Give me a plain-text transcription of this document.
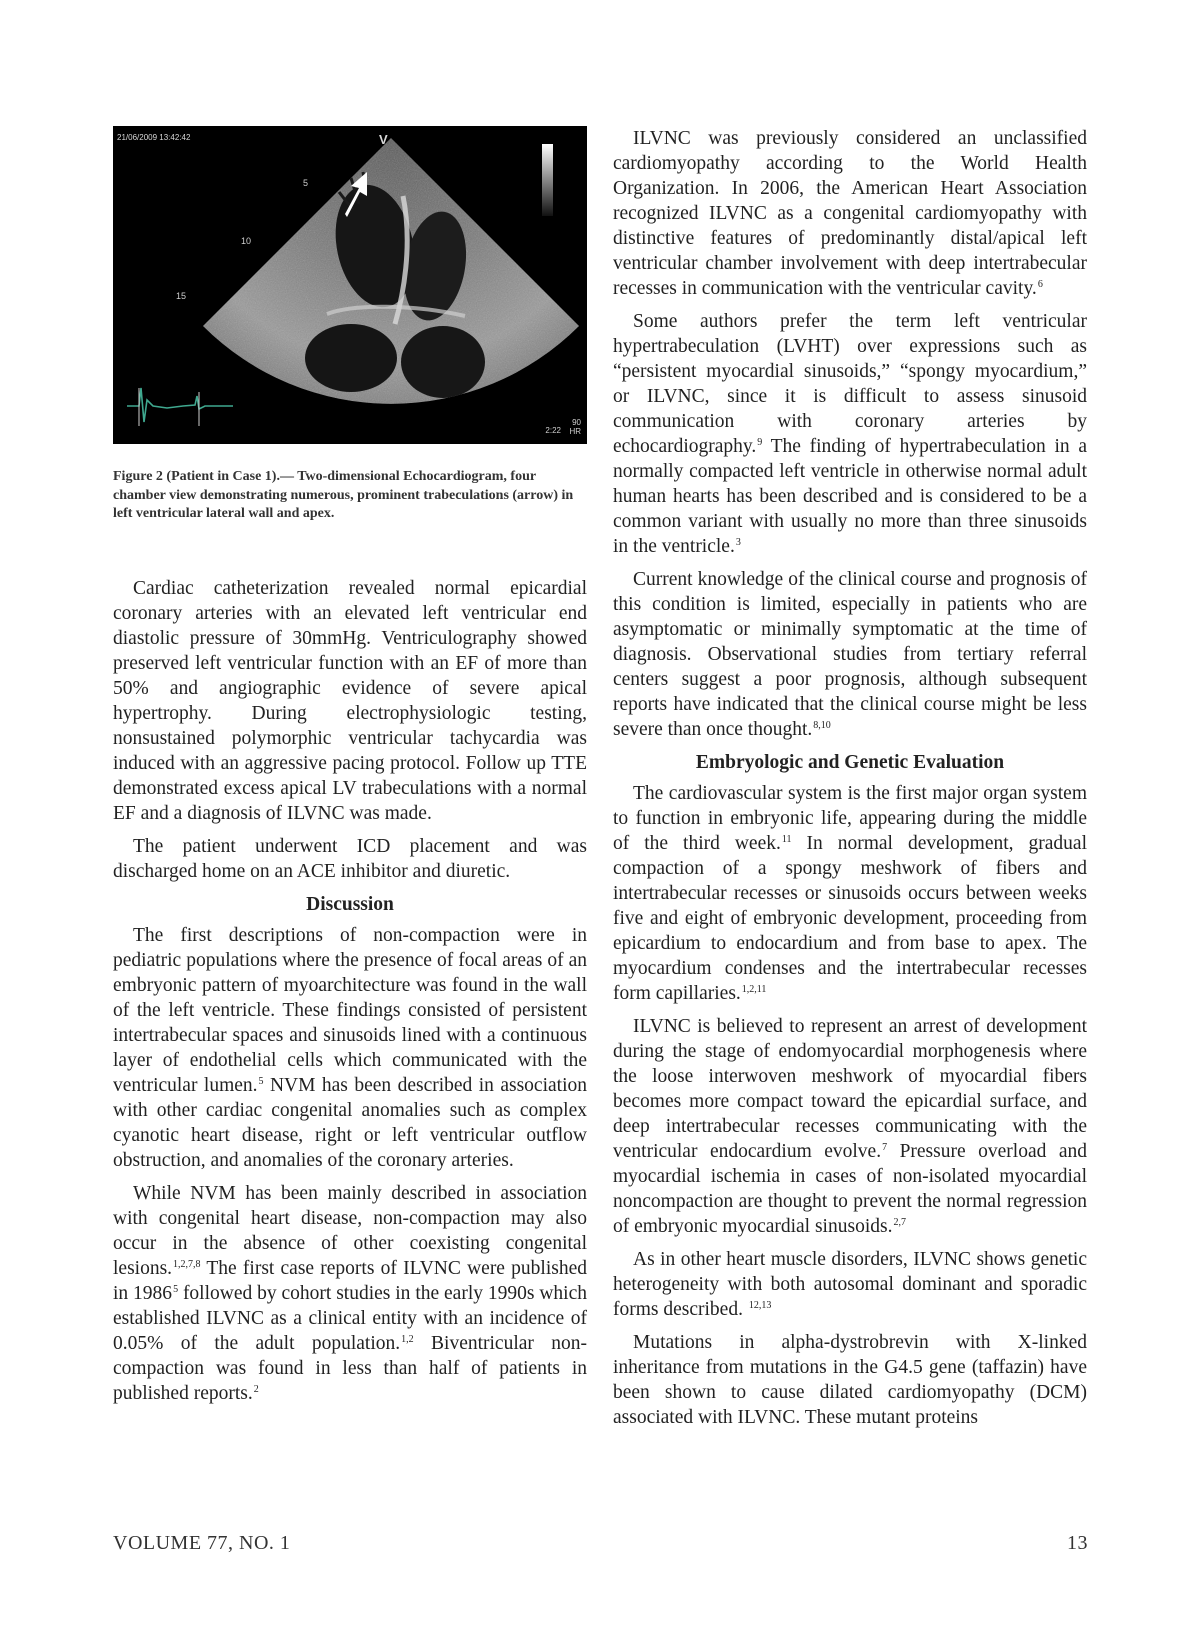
V
21/06/2009 13:42:42
5
10
15
2:22
90
HR
Figure 2 (Patient in Case 1).— Two-dimensional Echocardiogram, four chamber view demonstrating numerous, prominent trabeculations (arrow) in left ventricular lateral wall and apex.

Cardiac catheterization revealed normal epicardial coronary arteries with an elevated left ventricular end diastolic pressure of 30mmHg. Ventriculography showed preserved left ventricular function with an EF of more than 50% and angiographic evidence of severe apical hypertrophy. During electrophysiologic testing, nonsustained polymorphic ventricular tachycardia was induced with an aggressive pacing protocol. Follow up TTE demonstrated excess apical LV trabeculations with a normal EF and a diagnosis of ILVNC was made.

The patient underwent ICD placement and was discharged home on an ACE inhibitor and diuretic.

Discussion

The first descriptions of non-compaction were in pediatric populations where the presence of focal areas of an embryonic pattern of myoarchitecture was found in the wall of the left ventricle. These findings consisted of persistent intertrabecular spaces and sinusoids lined with a continuous layer of endothelial cells which communicated with the ventricular lumen.$^5$ NVM has been described in association with other cardiac congenital anomalies such as complex cyanotic heart disease, right or left ventricular outflow obstruction, and anomalies of the coronary arteries.

While NVM has been mainly described in association with congenital heart disease, non-compaction may also occur in the absence of other coexisting congenital lesions.$^{1,2,7,8}$ The first case reports of ILVNC were published in 1986$^5$ followed by cohort studies in the early 1990s which established ILVNC as a clinical entity with an incidence of 0.05% of the adult population.$^{1,2}$ Biventricular non-compaction was found in less than half of patients in published reports.$^2$

ILVNC was previously considered an unclassified cardiomyopathy according to the World Health Organization. In 2006, the American Heart Association recognized ILVNC as a congenital cardiomyopathy with distinctive features of predominantly distal/apical left ventricular chamber involvement with deep intertrabecular recesses in communication with the ventricular cavity.$^6$

Some authors prefer the term left ventricular hypertrabeculation (LVHT) over expressions such as “persistent myocardial sinusoids,” “spongy myocardium,” or ILVNC, since it is difficult to assess sinusoid communication with coronary arteries by echocardiography.$^9$ The finding of hypertrabeculation in a normally compacted left ventricle in otherwise normal adult human hearts has been described and is considered to be a common variant with usually no more than three sinusoids in the ventricle.$^3$

Current knowledge of the clinical course and prognosis of this condition is limited, especially in patients who are asymptomatic or minimally symptomatic at the time of diagnosis. Observational studies from tertiary referral centers suggest a poor prognosis, although subsequent reports have indicated that the clinical course might be less severe than once thought.$^{8,10}$

Embryologic and Genetic Evaluation

The cardiovascular system is the first major organ system to function in embryonic life, appearing during the middle of the third week.$^{11}$ In normal development, gradual compaction of a spongy meshwork of fibers and intertrabecular recesses or sinusoids occurs between weeks five and eight of embryonic development, proceeding from epicardium to endocardium and from base to apex. The myocardium condenses and the intertrabecular recesses form capillaries.$^{1,2,11}$

ILVNC is believed to represent an arrest of development during the stage of endomyocardial morphogenesis where the loose interwoven meshwork of myocardial fibers becomes more compact toward the epicardial surface, and deep intertrabecular recesses communicating with the ventricular endocardium evolve.$^7$ Pressure overload and myocardial ischemia in cases of non-isolated myocardial noncompaction are thought to prevent the normal regression of embryonic myocardial sinusoids.$^{2,7}$

As in other heart muscle disorders, ILVNC shows genetic heterogeneity with both autosomal dominant and sporadic forms described. $^{12,13}$

Mutations in alpha-dystrobrevin with X-linked inheritance from mutations in the G4.5 gene (taffazin) have been shown to cause dilated cardiomyopathy (DCM) associated with ILVNC. These mutant proteins

VOLUME 77, NO. 1	13
